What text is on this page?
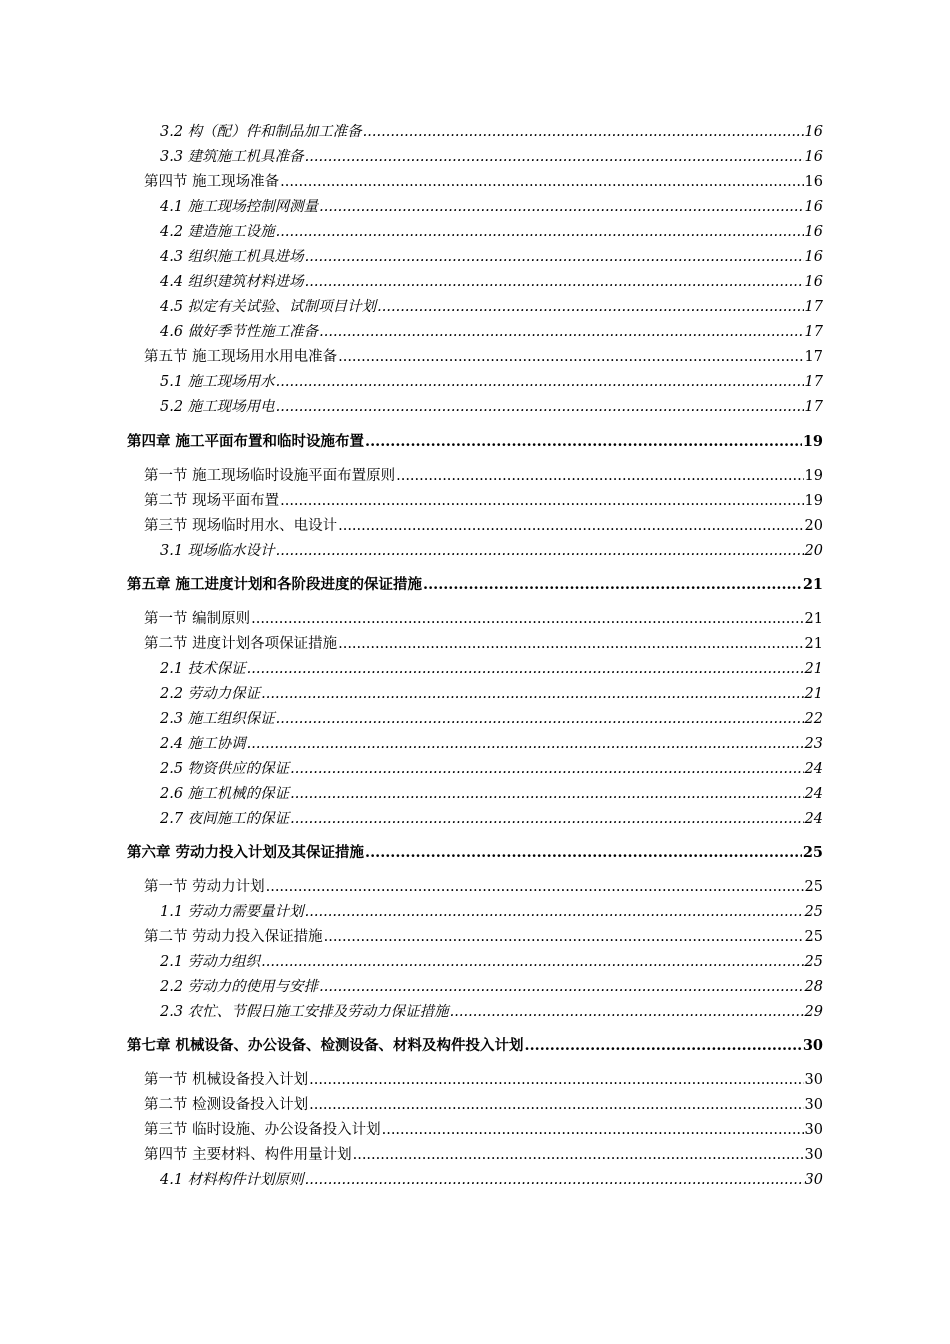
3.2 构（配）件和制品加工准备 .....	16
3.3 建筑施工机具准备 .....	16
第四节 施工现场准备 .....	16
4.1 施工现场控制网测量 .....	16
4.2 建造施工设施 .....	16
4.3 组织施工机具进场 .....	16
4.4 组织建筑材料进场 .....	16
4.5 拟定有关试验、试制项目计划 .....	17
4.6 做好季节性施工准备 .....	17
第五节 施工现场用水用电准备 .....	17
5.1 施工现场用水 .....	17
5.2 施工现场用电 .....	17
第四章 施工平面布置和临时设施布置 .....	19
第一节 施工现场临时设施平面布置原则 .....	19
第二节 现场平面布置 .....	19
第三节 现场临时用水、电设计 .....	20
3.1 现场临水设计 .....	20
第五章 施工进度计划和各阶段进度的保证措施 .....	21
第一节 编制原则 .....	21
第二节 进度计划各项保证措施 .....	21
2.1 技术保证 .....	21
2.2 劳动力保证 .....	21
2.3 施工组织保证 .....	22
2.4 施工协调 .....	23
2.5 物资供应的保证 .....	24
2.6 施工机械的保证 .....	24
2.7 夜间施工的保证 .....	24
第六章 劳动力投入计划及其保证措施 .....	25
第一节 劳动力计划 .....	25
1.1 劳动力需要量计划 .....	25
第二节 劳动力投入保证措施 .....	25
2.1 劳动力组织 .....	25
2.2 劳动力的使用与安排 .....	28
2.3 农忙、节假日施工安排及劳动力保证措施 .....	29
第七章 机械设备、办公设备、检测设备、材料及构件投入计划 .....	30
第一节 机械设备投入计划 .....	30
第二节 检测设备投入计划 .....	30
第三节 临时设施、办公设备投入计划 .....	30
第四节 主要材料、构件用量计划 .....	30
4.1 材料构件计划原则 .....	30
